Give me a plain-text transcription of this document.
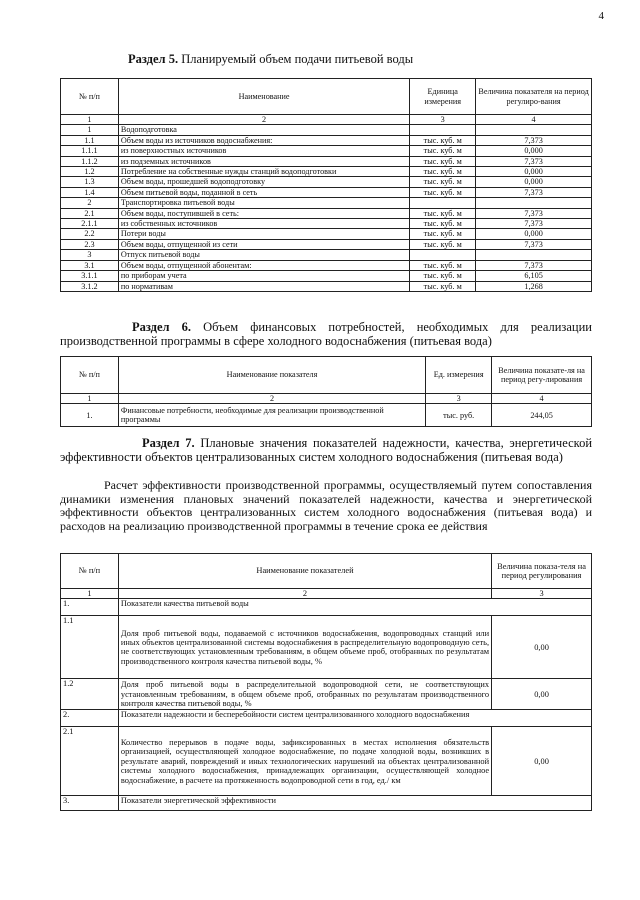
4
Раздел 5. Планируемый объем подачи питьевой воды
№ п/п	Наименование	Единица измерения	Величина показателя на период регулиро-вания
1	2	3	4
1	Водоподготовка		
1.1	Объем воды из источников водоснабжения:	тыс. куб. м	7,373
1.1.1	из поверхностных источников	тыс. куб. м	0,000
1.1.2	из подземных источников	тыс. куб. м	7,373
1.2	Потребление на собственные нужды станций водоподготовки	тыс. куб. м	0,000
1.3	Объем воды, прошедшей водоподготовку	тыс. куб. м	0,000
1.4	Объем питьевой воды, поданной в сеть	тыс. куб. м	7,373
2	Транспортировка питьевой воды		
2.1	Объем воды, поступившей в сеть:	тыс. куб. м	7,373
2.1.1	из собственных источников	тыс. куб. м	7,373
2.2	Потери воды	тыс. куб. м	0,000
2.3	Объем воды, отпущенной из сети	тыс. куб. м	7,373
3	Отпуск питьевой воды		
3.1	Объем воды, отпущенной абонентам:	тыс. куб. м	7,373
3.1.1	по приборам учета	тыс. куб. м	6,105
3.1.2	по нормативам	тыс. куб. м	1,268
Раздел 6. Объем финансовых потребностей, необходимых для реализации производственной программы в сфере холодного водоснабжения (питьевая вода)
№ п/п	Наименование показателя	Ед. измерения	Величина показате-ля на период регу-лирования
1	2	3	4
1.	Финансовые потребности, необходимые для реализации производственной программы	тыс. руб.	244,05
Раздел 7. Плановые значения показателей надежности, качества, энергетической эффективности объектов централизованных систем холодного водоснабжения (питьевая вода)
Расчет эффективности производственной программы, осуществляемый путем сопоставления динамики изменения плановых значений показателей надежности, качества и энергетической эффективности объектов централизованных систем холодного водоснабжения (питьевая вода) и расходов на реализацию производственной программы в течение срока ее действия
№ п/п	Наименование показателей	Величина показа-теля на период регулирования
1	2	3
1.	Показатели качества питьевой воды	
1.1	Доля проб питьевой воды, подаваемой с источников водоснабжения, водопроводных станций или иных объектов централизованной системы водоснабжения в распределительную водопроводную сеть, не соответствующих установленным требованиям, в общем объеме проб, отобранных по результатам производственного контроля качества питьевой воды, %	0,00
1.2	Доля проб питьевой воды в распределительной водопроводной сети, не соответствующих установленным требованиям, в общем объеме проб, отобранных по результатам производственного контроля качества питьевой воды, %	0,00
2.	Показатели надежности и бесперебойности систем централизованного холодного водоснабжения	
2.1	Количество перерывов в подаче воды, зафиксированных в местах исполнения обязательств организацией, осуществляющей холодное водоснабжение, по подаче холодной воды, возникших в результате аварий, повреждений и иных технологических нарушений на объектах централизованной системы холодного водоснабжения, принадлежащих организации, осуществляющей холодное водоснабжение, в расчете на протяженность водопроводной сети в год, ед./ км	0,00
3.	Показатели энергетической эффективности	
